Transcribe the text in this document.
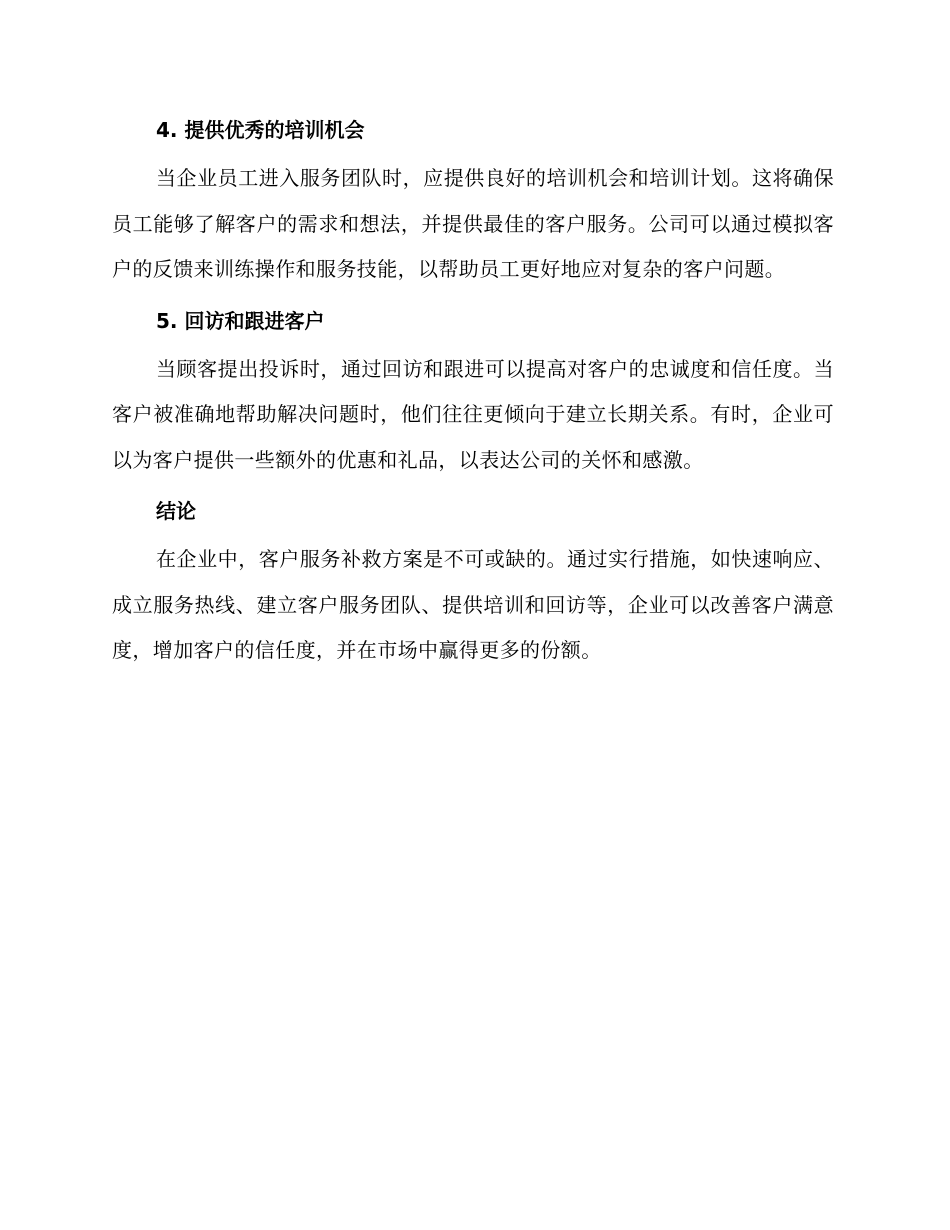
4. 提供优秀的培训机会

当企业员工进入服务团队时，应提供良好的培训机会和培训计划。这将确保员工能够了解客户的需求和想法，并提供最佳的客户服务。公司可以通过模拟客户的反馈来训练操作和服务技能，以帮助员工更好地应对复杂的客户问题。

5. 回访和跟进客户

当顾客提出投诉时，通过回访和跟进可以提高对客户的忠诚度和信任度。当客户被准确地帮助解决问题时，他们往往更倾向于建立长期关系。有时，企业可以为客户提供一些额外的优惠和礼品，以表达公司的关怀和感激。

结论

在企业中，客户服务补救方案是不可或缺的。通过实行措施，如快速响应、成立服务热线、建立客户服务团队、提供培训和回访等，企业可以改善客户满意度，增加客户的信任度，并在市场中赢得更多的份额。
